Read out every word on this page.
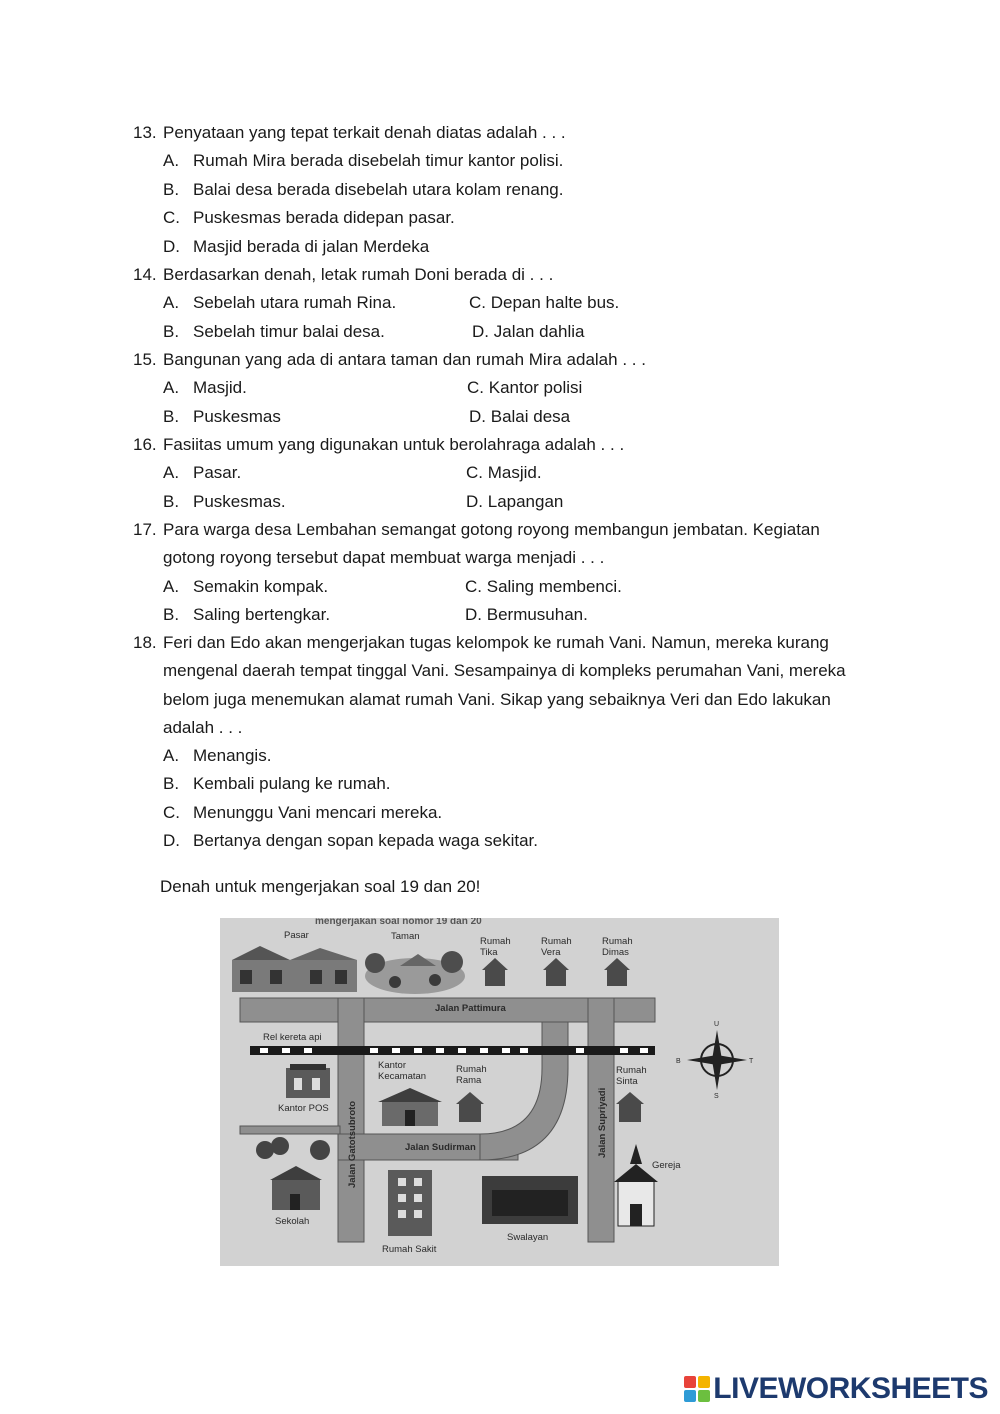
13. Penyataan yang tepat terkait denah diatas adalah . . .
A. Rumah Mira berada disebelah timur kantor polisi.
B. Balai desa berada disebelah utara kolam renang.
C. Puskesmas berada didepan pasar.
D. Masjid berada di jalan Merdeka
14. Berdasarkan denah, letak rumah Doni berada di . . .
A. Sebelah utara rumah Rina.	C. Depan halte bus.
B. Sebelah timur balai desa.	D. Jalan dahlia
15. Bangunan yang ada di antara taman dan rumah Mira adalah . . .
A. Masjid.	C. Kantor polisi
B. Puskesmas	D. Balai desa
16. Fasiitas umum yang digunakan untuk berolahraga adalah . . .
A. Pasar.	C. Masjid.
B. Puskesmas.	D. Lapangan
17. Para warga desa Lembahan semangat gotong royong membangun jembatan. Kegiatan gotong royong tersebut dapat membuat warga menjadi . . .
A. Semakin kompak.	C. Saling membenci.
B. Saling bertengkar.	D. Bermusuhan.
18. Feri dan Edo akan mengerjakan tugas kelompok ke rumah Vani. Namun, mereka kurang mengenal daerah tempat tinggal Vani. Sesampainya di kompleks perumahan Vani, mereka belom juga menemukan alamat rumah Vani. Sikap yang sebaiknya Veri dan Edo lakukan adalah . . .
A. Menangis.
B. Kembali pulang ke rumah.
C. Menunggu Vani mencari mereka.
D. Bertanya dengan sopan kepada waga sekitar.
Denah untuk mengerjakan soal 19 dan 20!
mengerjakan soal nomor 19 dan 20
Pasar	Taman	Rumah Tika
Rumah Vera
Rumah Dimas
Jalan Pattimura
Rel kereta api
Kantor Kecamatan
Rumah Rama
Rumah Sinta
Kantor POS
Jalan Sudirman
Gereja
Sekolah
Rumah Sakit
Swalayan
Jalan Gatotsubroto	Jalan Supriyadi
U
T
S
B
LIVEWORKSHEETS
